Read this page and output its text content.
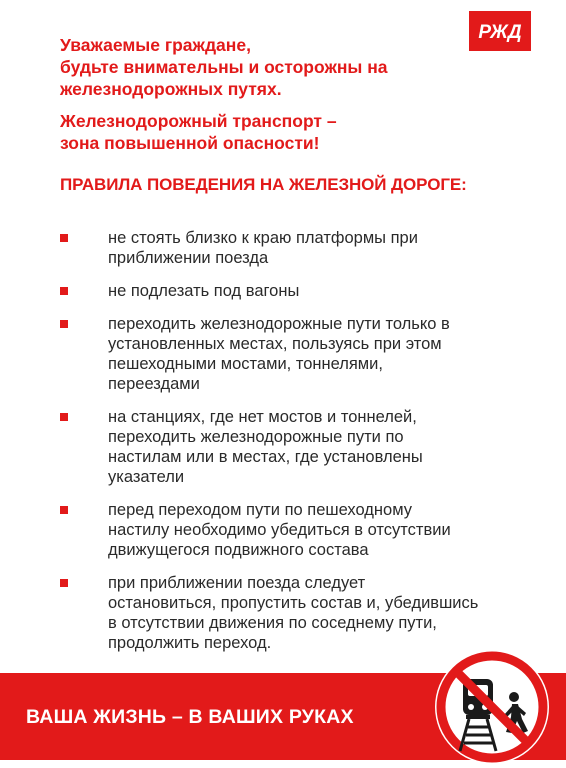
РЖД
Уважаемые граждане,
будьте внимательны и осторожны на
железнодорожных путях.
Железнодорожный транспорт –
зона повышенной опасности!
ПРАВИЛА ПОВЕДЕНИЯ НА ЖЕЛЕЗНОЙ ДОРОГЕ:
не стоять близко к краю платформы при
приближении поезда
не подлезать под вагоны
переходить железнодорожные пути только в
установленных местах, пользуясь при этом
пешеходными мостами, тоннелями,
переездами
на станциях, где нет мостов и тоннелей,
переходить железнодорожные пути по
настилам или в местах, где установлены
указатели
перед переходом пути по пешеходному
настилу необходимо убедиться в отсутствии
движущегося подвижного состава
при приближении поезда следует
остановиться, пропустить состав и, убедившись
в отсутствии движения по соседнему пути,
продолжить переход.
ВАША ЖИЗНЬ – В ВАШИХ РУКАХ
